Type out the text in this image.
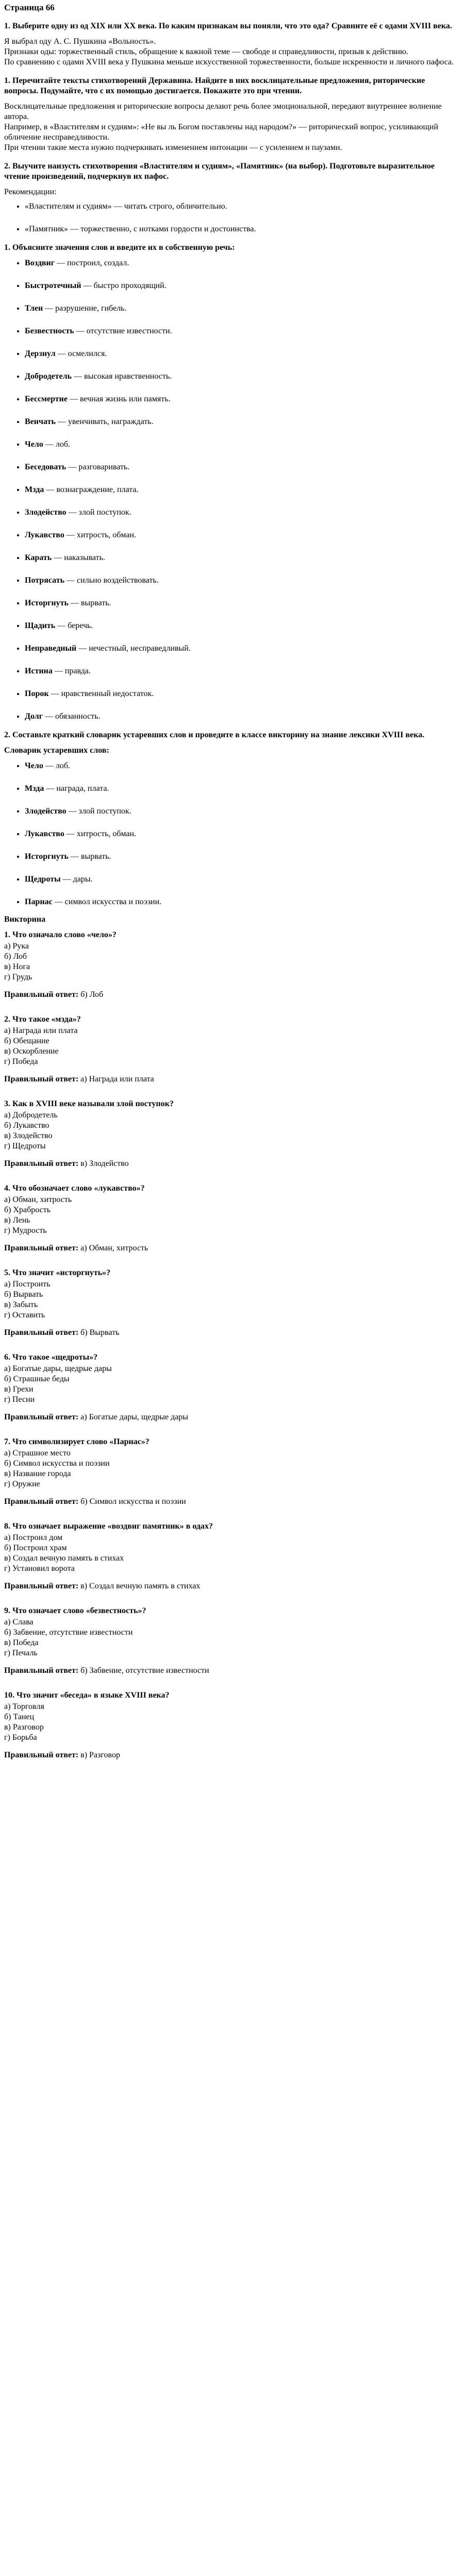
Страница 66
1. Выберите одну из од XIX или XX века. По каким признакам вы поняли, что это ода? Сравните её с одами XVIII века.

Я выбрал оду А. С. Пушкина «Вольность».

Признаки оды: торжественный стиль, обращение к важной теме — свободе и справедливости, призыв к действию.

По сравнению с одами XVIII века у Пушкина меньше искусственной торжественности, больше искренности и личного пафоса.

1. Перечитайте тексты стихотворений Державина. Найдите в них восклицательные предложения, риторические вопросы. Подумайте, что с их помощью достигается. Покажите это при чтении.

Восклицательные предложения и риторические вопросы делают речь более эмоциональной, передают внутреннее волнение автора.

Например, в «Властителям и судиям»: «Не вы ль Богом поставлены над народом?» — риторический вопрос, усиливающий обличение несправедливости.

При чтении такие места нужно подчеркивать изменением интонации — с усилением и паузами.

2. Выучите наизусть стихотворения «Властителям и судиям», «Памятник» (на выбор). Подготовьте выразительное чтение произведений, подчеркнув их пафос.

Рекомендации:

• «Властителям и судиям» — читать строго, обличительно.
• «Памятник» — торжественно, с нотками гордости и достоинства.
1. Объясните значения слов и введите их в собственную речь:
• Воздвиг — построил, создал.
• Быстротечный — быстро проходящий.
• Тлен — разрушение, гибель.
• Безвестность — отсутствие известности.
• Дерзнул — осмелился.
• Добродетель — высокая нравственность.
• Бессмертие — вечная жизнь или память.
• Венчать — увенчивать, награждать.
• Чело — лоб.
• Беседовать — разговаривать.
• Мзда — вознаграждение, плата.
• Злодейство — злой поступок.
• Лукавство — хитрость, обман.
• Карать — наказывать.
• Потрясать — сильно воздействовать.
• Исторгнуть — вырвать.
• Щадить — беречь.
• Неправедный — нечестный, несправедливый.
• Истина — правда.
• Порок — нравственный недостаток.
• Долг — обязанность.
2. Составьте краткий словарик устаревших слов и проведите в классе викторину на знание лексики XVIII века.
Словарик устаревших слов:
• Чело — лоб.
• Мзда — награда, плата.
• Злодейство — злой поступок.
• Лукавство — хитрость, обман.
• Исторгнуть — вырвать.
• Щедроты — дары.
• Парнас — символ искусства и поэзии.
Викторина
1. Что означало слово «чело»?
а) Рука
б) Лоб
в) Нога
г) Грудь

Правильный ответ: б) Лоб

2. Что такое «мзда»?
а) Награда или плата
б) Обещание
в) Оскорбление
г) Победа

Правильный ответ: а) Награда или плата

3. Как в XVIII веке называли злой поступок?
а) Добродетель
б) Лукавство
в) Злодейство
г) Щедроты

Правильный ответ: в) Злодейство

4. Что обозначает слово «лукавство»?
а) Обман, хитрость
б) Храбрость
в) Лень
г) Мудрость

Правильный ответ: а) Обман, хитрость

5. Что значит «исторгнуть»?
а) Построить
б) Вырвать
в) Забыть
г) Оставить

Правильный ответ: б) Вырвать

6. Что такое «щедроты»?
а) Богатые дары, щедрые дары
б) Страшные беды
в) Грехи
г) Песни

Правильный ответ: а) Богатые дары, щедрые дары

7. Что символизирует слово «Парнас»?
а) Страшное место
б) Символ искусства и поэзии
в) Название города
г) Оружие

Правильный ответ: б) Символ искусства и поэзии

8. Что означает выражение «воздвиг памятник» в одах?
а) Построил дом
б) Построил храм
в) Создал вечную память в стихах
г) Установил ворота

Правильный ответ: в) Создал вечную память в стихах

9. Что означает слово «безвестность»?
а) Слава
б) Забвение, отсутствие известности
в) Победа
г) Печаль

Правильный ответ: б) Забвение, отсутствие известности

10. Что значит «беседа» в языке XVIII века?
а) Торговля
б) Танец
в) Разговор
г) Борьба

Правильный ответ: в) Разговор
